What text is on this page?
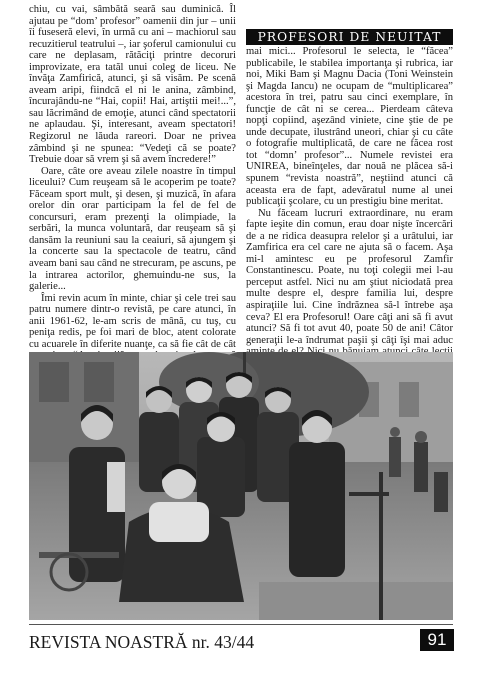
chiu, cu vai, sâmbătă seară sau duminică. Îl ajutau pe “dom’ profesor” oamenii din jur – unii îi fuseseră elevi, în urmă cu ani – machiorul sau recuzitierul teatrului –, iar şoferul camionului cu care ne deplasam, rătăciţi printre decoruri improvizate, era tatăl unui coleg de liceu. Ne învăţa Zamfirică, atunci, şi să visăm. Pe scenă aveam aripi, fiindcă el ni le anina, zâmbind, încurajându-ne “Hai, copii! Hai, artiştii mei!...”, sau lăcrimând de emoţie, atunci când spectatorii ne aplaudau. Şi, interesant, aveam spectatori! Regizorul ne lăuda rareori. Doar ne privea zâmbind şi ne spunea: “Vedeţi că se poate? Trebuie doar să vrem şi să avem încredere!”

Oare, câte ore aveau zilele noastre în timpul liceului? Cum reuşeam să le acoperim pe toate? Făceam sport mult, şi desen, şi muzică, în afara orelor din orar participam la fel de fel de concursuri, eram prezenţi la olimpiade, la serbări, la munca voluntară, dar reuşeam să şi dansăm la reuniuni sau la ceaiuri, să ajungem şi la concerte sau la spectacole de teatru, când aveam bani sau când ne strecuram, pe ascuns, pe la intrarea actorilor, ghemuindu-ne sus, la galerie...

Îmi revin acum în minte, chiar şi cele trei sau patru numere dintr-o revistă, pe care atunci, în anii 1961-62, le-am scris de mână, cu tuş, cu peniţa redis, pe foi mari de bloc, atent colorate cu acuarele în diferite nuanţe, ca să fie cât de cât

PROFESORI DE NEUITAT

mai mici... Profesorul le selecta, le “făcea” publicabile, le stabilea importanţa şi rubrica, iar noi, Miki Bam şi Magnu Dacia (Toni Weinstein şi Magda Iancu) ne ocupam de “multiplicarea” acestora în trei, patru sau cinci exemplare, în funcţie de cât ni se cerea... Pierdeam câteva nopţi copiind, aşezând viniete, cine ştie de pe unde decupate, ilustrând uneori, chiar şi cu câte o fotografie multiplicată, de care ne făcea rost tot “domn’ profesor”... Numele revistei era UNIREA, bineînţeles, dar nouă ne plăcea să-i spunem “revista noastră”, neştiind atunci că aceasta era de fapt, adevăratul nume al unei publicaţii şcolare, cu un prestigiu bine meritat.

Nu făceam lucruri extraordinare, nu eram fapte ieşite din comun, erau doar nişte încercări de a ne ridica deasupra relelor şi a urâtului, iar Zamfirica era cel care ne ajuta să o facem. Aşa mi-l amintesc eu pe profesorul Zamfir Constantinescu. Poate, nu toţi colegii mei l-au perceput astfel. Nici nu am ştiut niciodată prea multe despre el, despre familia lui, despre aspiraţiile lui. Cine îndrăznea să-l întrebe aşa ceva? El era Profesorul! Oare câţi ani să fi avut atunci? Să fi tot avut 40, poate 50 de ani! Câtor generaţii le-a îndrumat paşii şi câţi îşi mai aduc

REVISTA NOASTRĂ nr. 43/44	91
